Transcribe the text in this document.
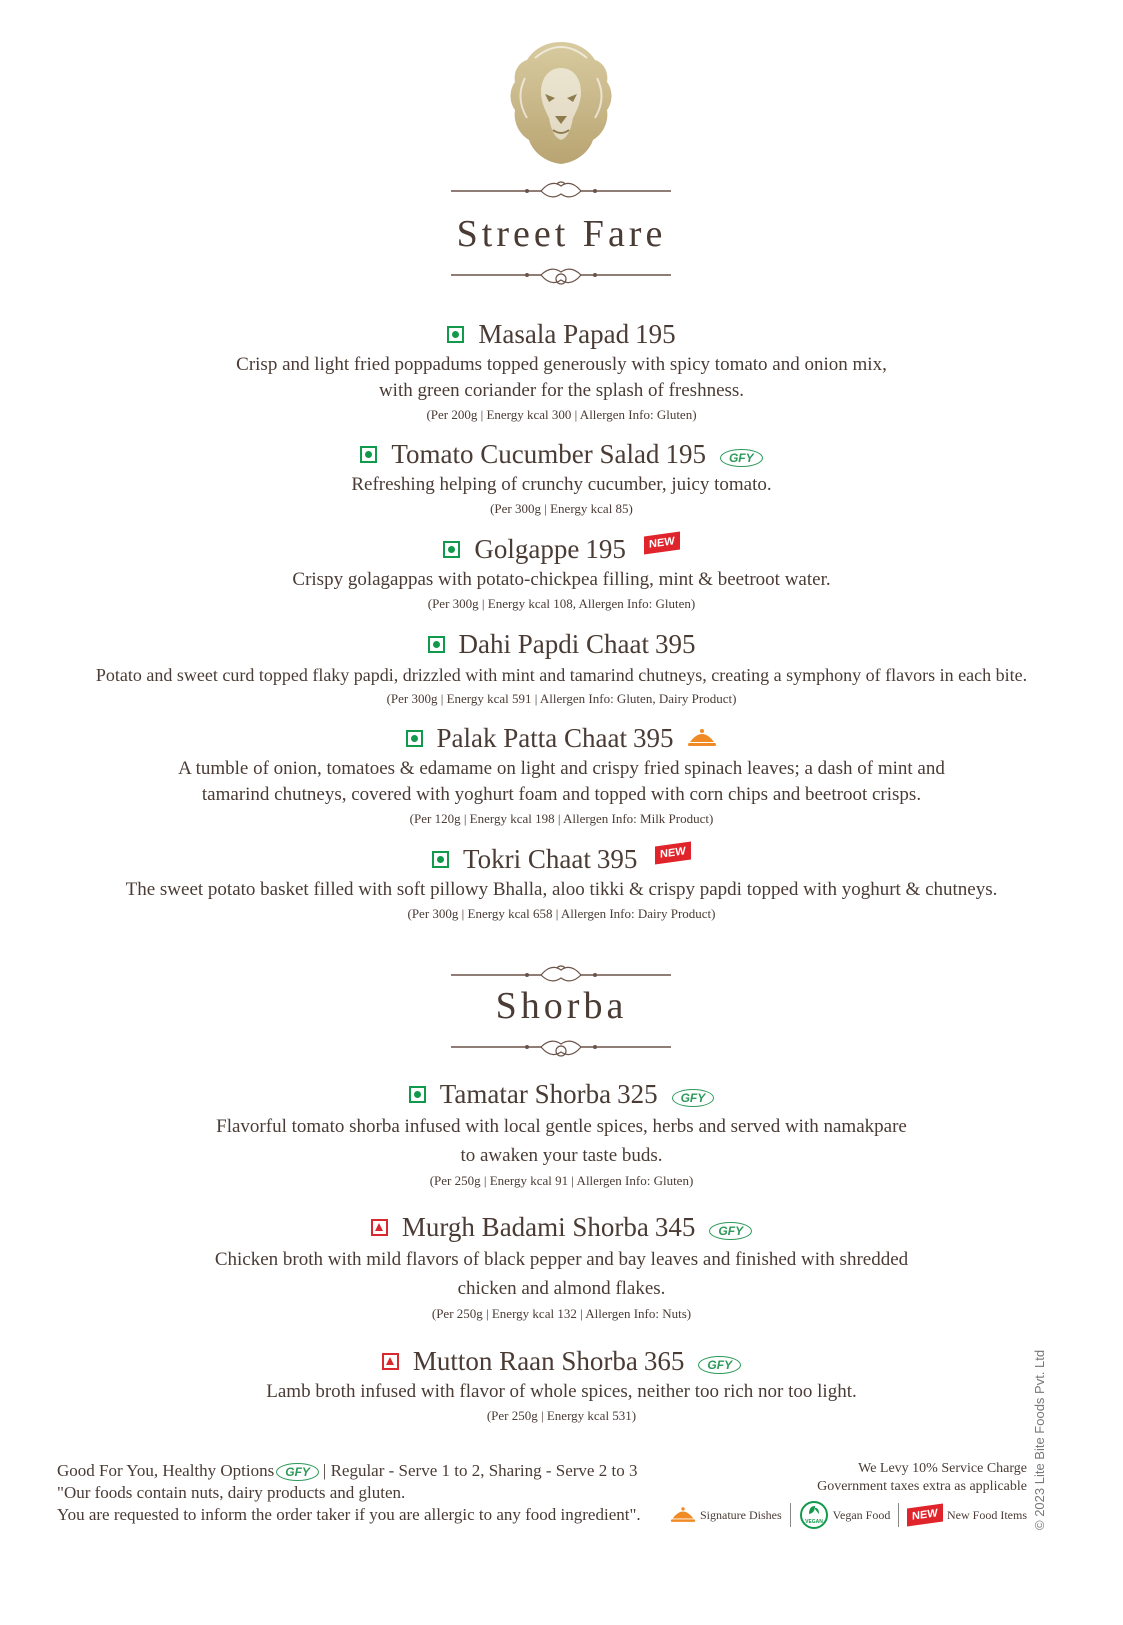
Street Fare
Masala Papad 195
Crisp and light fried poppadums topped generously with spicy tomato and onion mix,
with green coriander for the splash of freshness.
(Per 200g | Energy kcal 300 | Allergen Info: Gluten)
Tomato Cucumber Salad 195	GFY
Refreshing helping of crunchy cucumber, juicy tomato.
(Per 300g | Energy kcal 85)
Golgappe 195	NEW
Crispy golagappas with potato-chickpea filling, mint & beetroot water.
(Per 300g | Energy kcal 108, Allergen Info: Gluten)
Dahi Papdi Chaat 395
Potato and sweet curd topped flaky papdi, drizzled with mint and tamarind chutneys, creating a symphony of flavors in each bite.
(Per 300g | Energy kcal 591 | Allergen Info: Gluten, Dairy Product)
Palak Patta Chaat 395
A tumble of onion, tomatoes & edamame on light and crispy fried spinach leaves; a dash of mint and
tamarind chutneys, covered with yoghurt foam and topped with corn chips and beetroot crisps.
(Per 120g | Energy kcal 198 | Allergen Info: Milk Product)
Tokri Chaat 395	NEW
The sweet potato basket filled with soft pillowy Bhalla, aloo tikki & crispy papdi topped with yoghurt & chutneys.
(Per 300g | Energy kcal 658 | Allergen Info: Dairy Product)
Shorba
Tamatar Shorba 325	GFY
Flavorful tomato shorba infused with local gentle spices, herbs and served with namakpare
to awaken your taste buds.
(Per 250g | Energy kcal 91 | Allergen Info: Gluten)
Murgh Badami Shorba 345	GFY
Chicken broth with mild flavors of black pepper and bay leaves and finished with shredded
chicken and almond flakes.
(Per 250g | Energy kcal 132 | Allergen Info: Nuts)
Mutton Raan Shorba 365	GFY
Lamb broth infused with flavor of whole spices, neither too rich nor too light.
(Per 250g | Energy kcal 531)
Good For You, Healthy Options GFY | Regular - Serve 1 to 2, Sharing - Serve 2 to 3
"Our foods contain nuts, dairy products and gluten.
You are requested to inform the order taker if you are allergic to any food ingredient".
We Levy 10% Service Charge
Government taxes extra as applicable
Signature Dishes
VEGAN
Vegan Food	NEW New Food Items © 2023 Lite Bite Foods Pvt. Ltd
